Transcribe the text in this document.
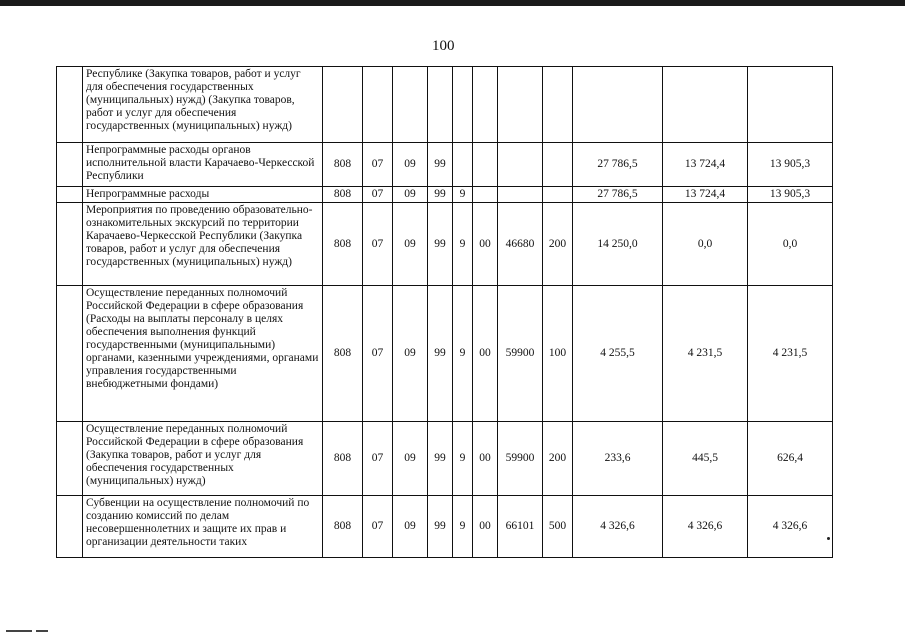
100
	Республике (Закупка товаров, работ и услуг для обеспечения государственных (муниципальных) нужд) (Закупка товаров, работ и услуг для обеспечения государственных (муниципальных) нужд)											
	Непрограммные расходы органов исполнительной власти Карачаево-Черкесской Республики	808	07	09	99					27 786,5	13 724,4	13 905,3
	Непрограммные расходы	808	07	09	99	9				27 786,5	13 724,4	13 905,3
	Мероприятия по проведению образовательно-ознакомительных экскурсий по территории Карачаево-Черкесской Республики (Закупка товаров, работ и услуг для обеспечения государственных (муниципальных) нужд)	808	07	09	99	9	00	46680	200	14 250,0	0,0	0,0
	Осуществление переданных полномочий Российской Федерации в сфере образования (Расходы на выплаты персоналу в целях обеспечения выполнения функций государственными (муниципальными) органами, казенными учреждениями, органами управления государственными внебюджетными фондами)	808	07	09	99	9	00	59900	100	4 255,5	4 231,5	4 231,5
	Осуществление переданных полномочий Российской Федерации в сфере образования (Закупка товаров, работ и услуг для обеспечения государственных (муниципальных) нужд)	808	07	09	99	9	00	59900	200	233,6	445,5	626,4
	Субвенции на осуществление полномочий по созданию комиссий по делам несовершеннолетних и защите их прав и организации деятельности таких	808	07	09	99	9	00	66101	500	4 326,6	4 326,6	4 326,6
